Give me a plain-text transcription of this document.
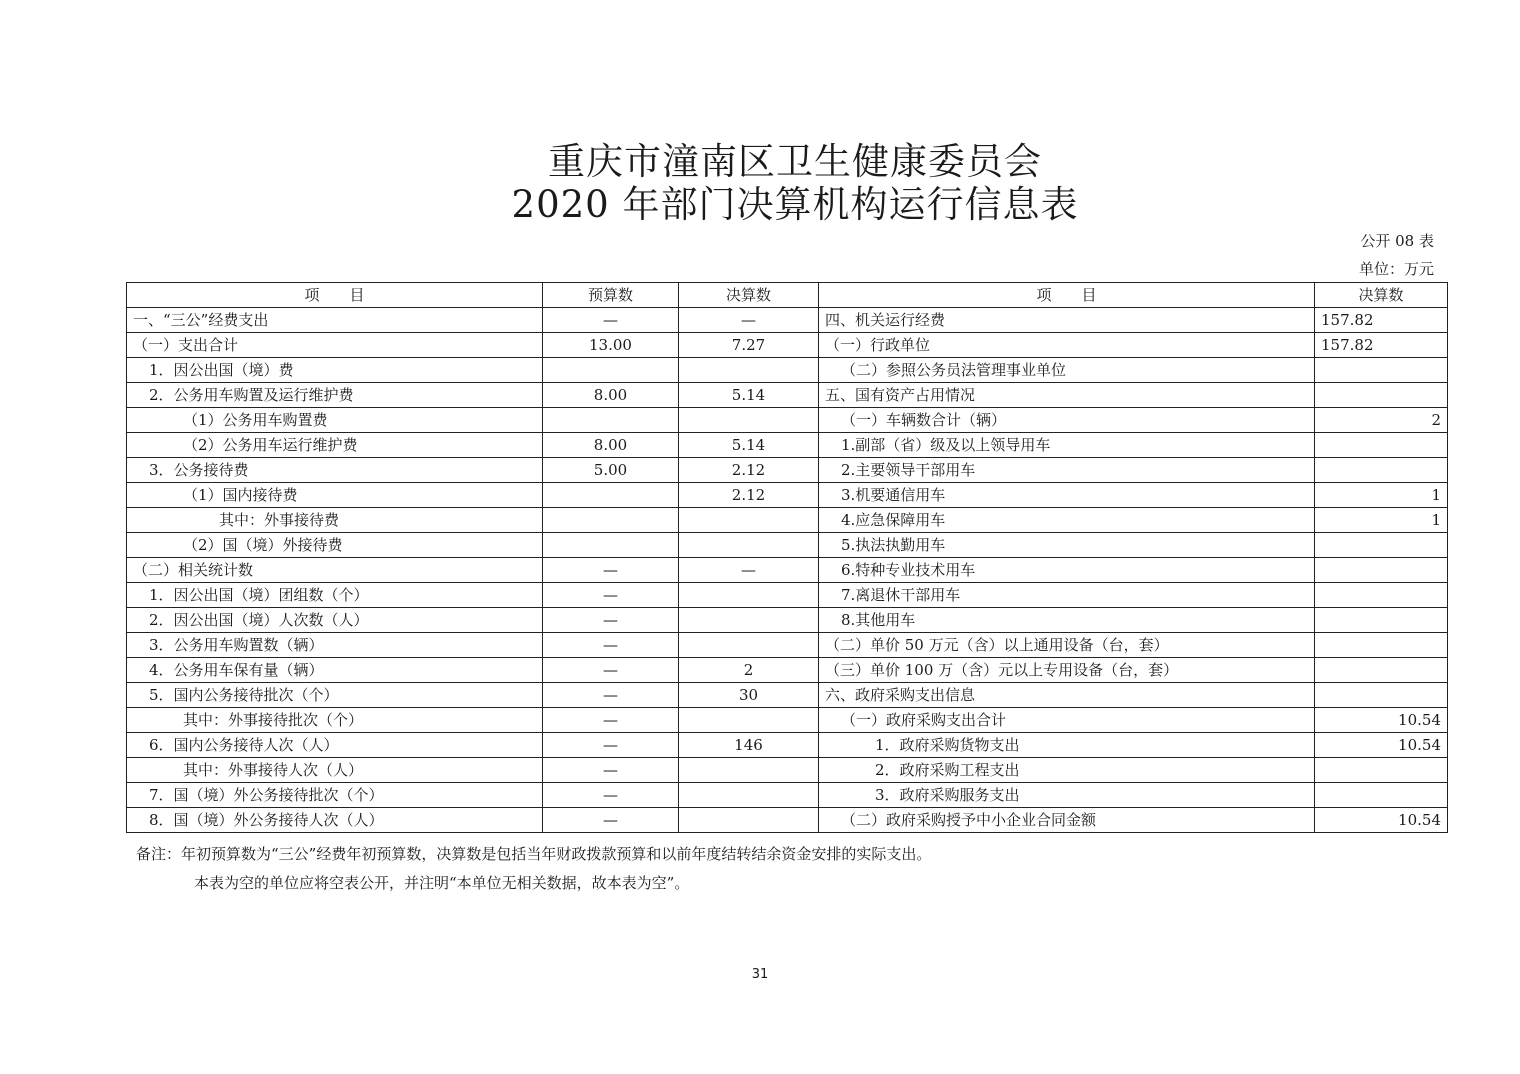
重庆市潼南区卫生健康委员会
2020 年部门决算机构运行信息表
公开 08 表
单位：万元
项　　目	预算数	决算数	项　　目	决算数
一、“三公”经费支出	—	—	四、机关运行经费	157.82
（一）支出合计	13.00	7.27	（一）行政单位	157.82
1．因公出国（境）费			（二）参照公务员法管理事业单位	
2．公务用车购置及运行维护费	8.00	5.14	五、国有资产占用情况	
（1）公务用车购置费			（一）车辆数合计（辆）	2
（2）公务用车运行维护费	8.00	5.14	1.副部（省）级及以上领导用车	
3．公务接待费	5.00	2.12	2.主要领导干部用车	
（1）国内接待费		2.12	3.机要通信用车	1
其中：外事接待费			4.应急保障用车	1
（2）国（境）外接待费			5.执法执勤用车	
（二）相关统计数	—	—	6.特种专业技术用车	
1．因公出国（境）团组数（个）	—		7.离退休干部用车	
2．因公出国（境）人次数（人）	—		8.其他用车	
3．公务用车购置数（辆）	—		（二）单价 50 万元（含）以上通用设备（台，套）	
4．公务用车保有量（辆）	—	2	（三）单价 100 万（含）元以上专用设备（台，套）	
5．国内公务接待批次（个）	—	30	六、政府采购支出信息	
其中：外事接待批次（个）	—		（一）政府采购支出合计	10.54
6．国内公务接待人次（人）	—	146	1．政府采购货物支出	10.54
其中：外事接待人次（人）	—		2．政府采购工程支出	
7．国（境）外公务接待批次（个）	—		3．政府采购服务支出	
8．国（境）外公务接待人次（人）	—		（二）政府采购授予中小企业合同金额	10.54
备注：年初预算数为“三公”经费年初预算数，决算数是包括当年财政拨款预算和以前年度结转结余资金安排的实际支出。
本表为空的单位应将空表公开，并注明“本单位无相关数据，故本表为空”。
31
